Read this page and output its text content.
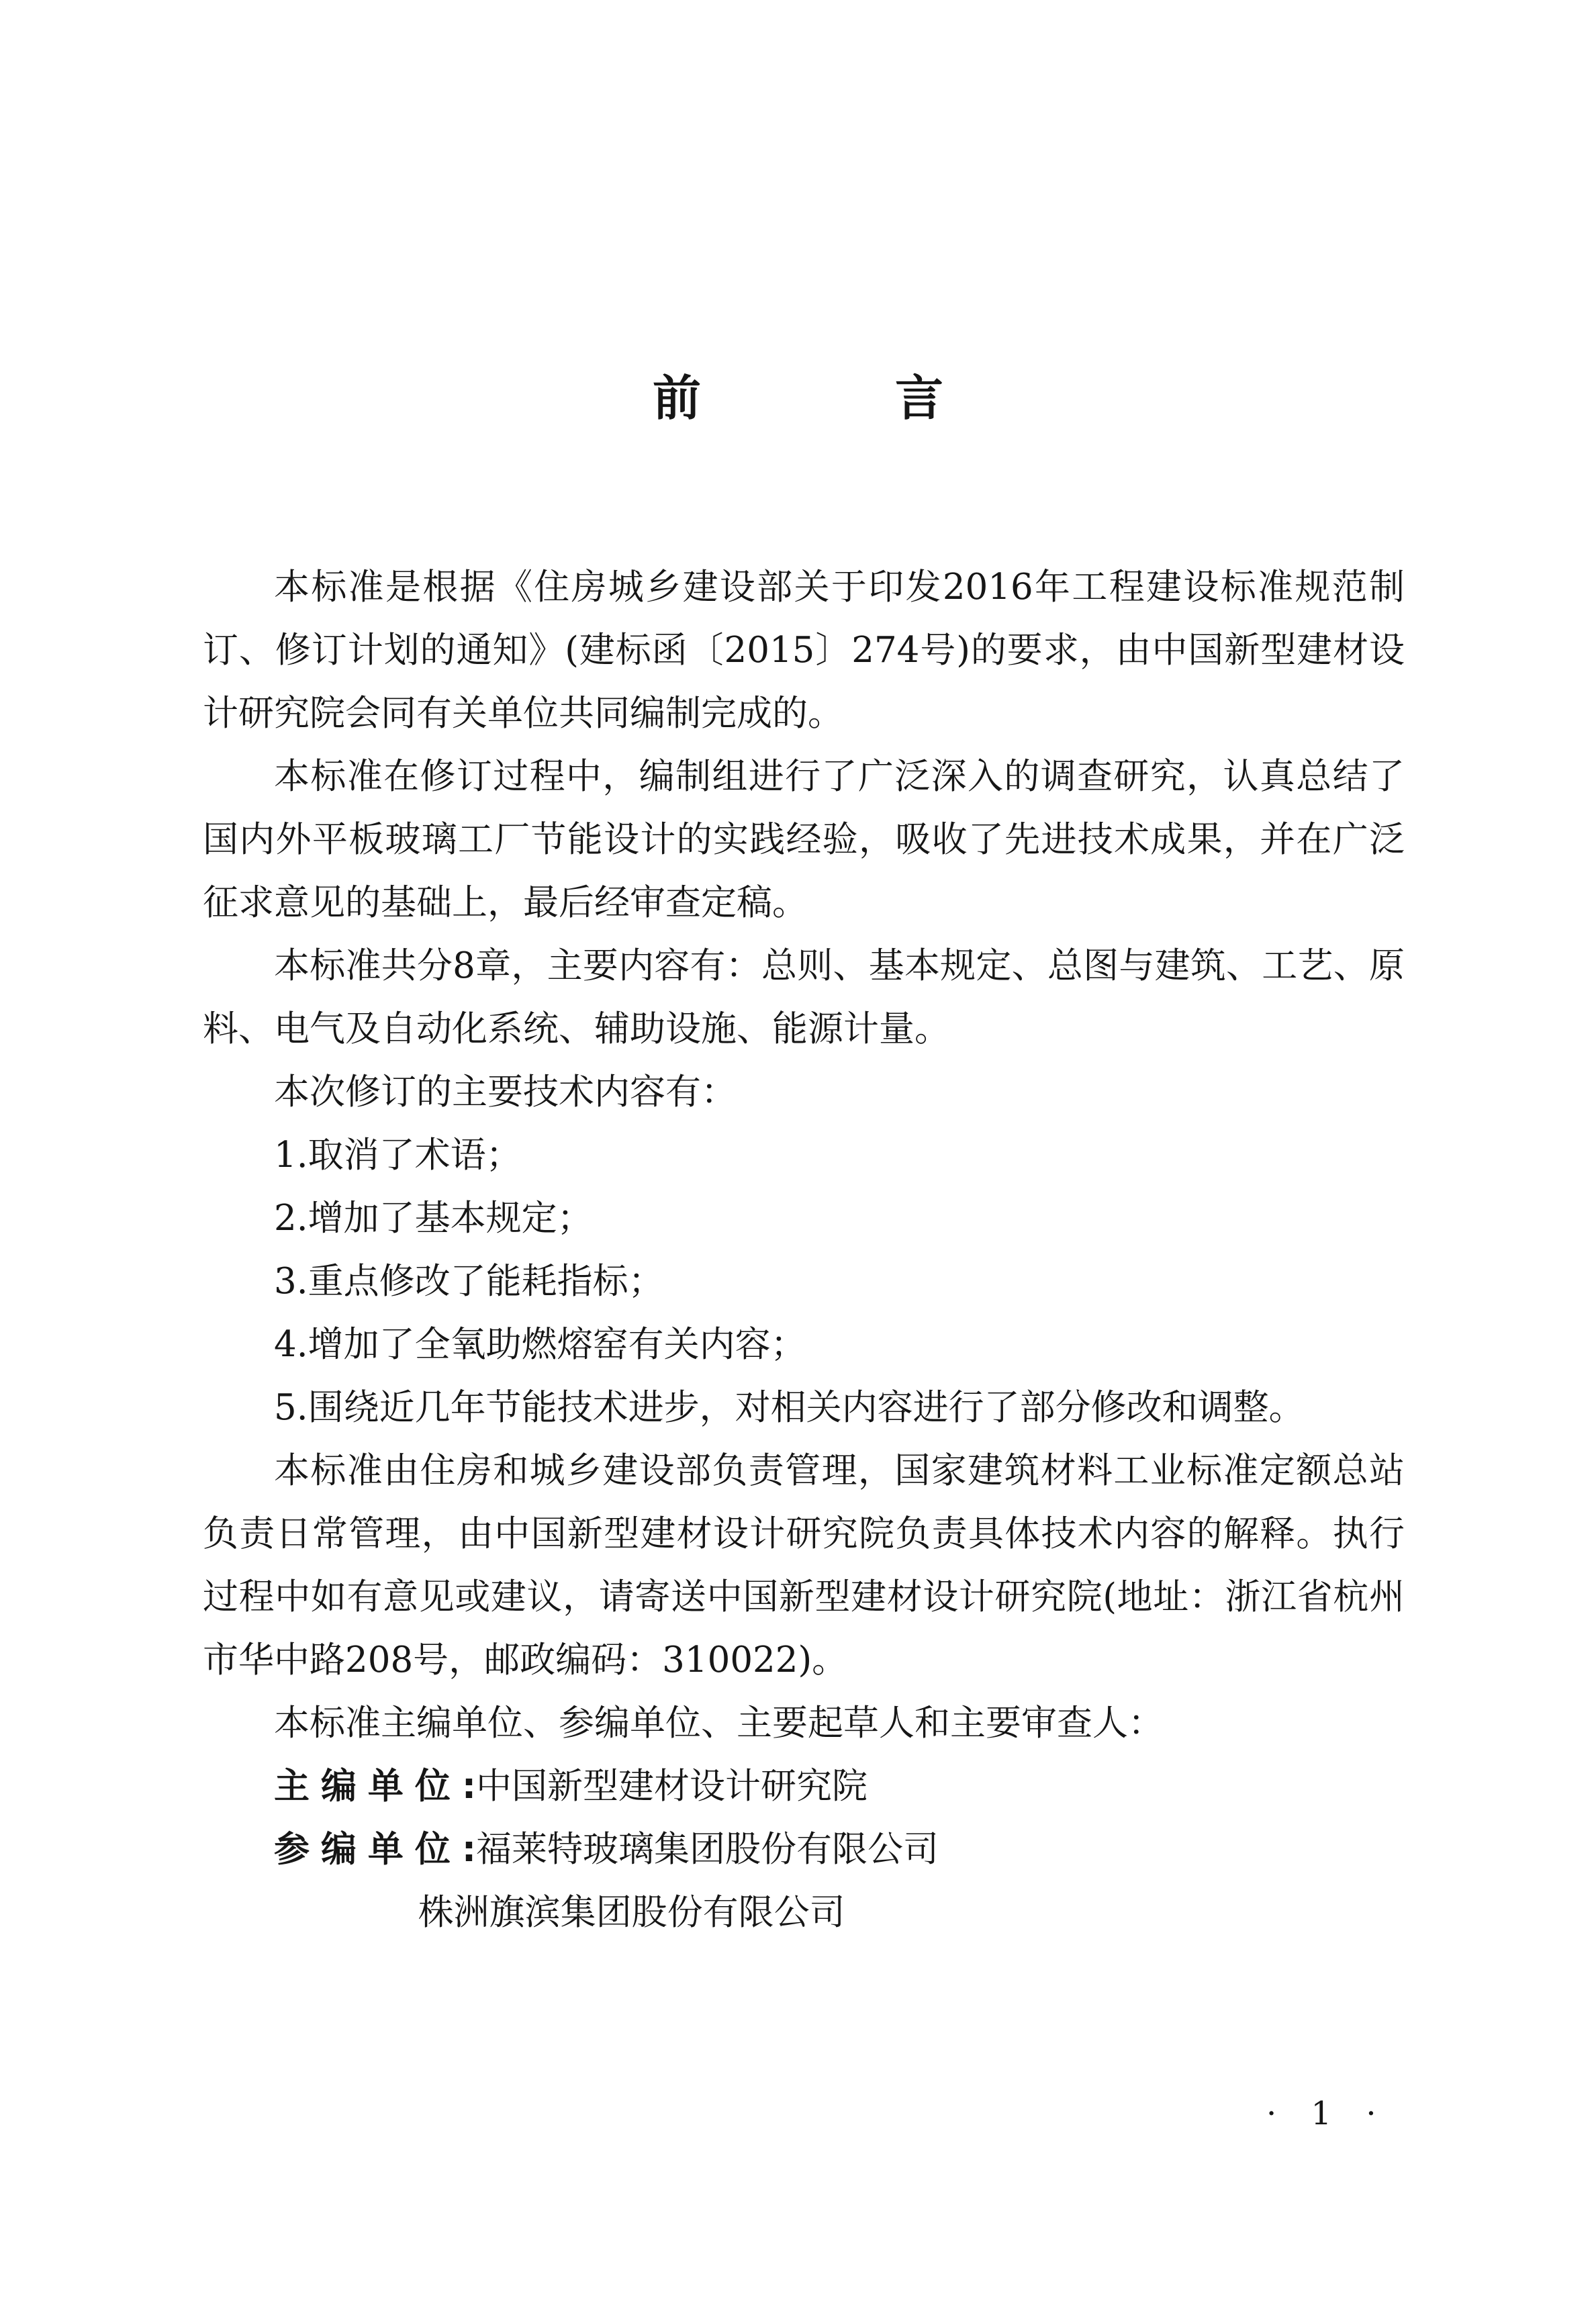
前 言

本标准是根据《住房城乡建设部关于印发2016年工程建设标准规范制订、修订计划的通知》(建标函〔2015〕274号)的要求，由中国新型建材设计研究院会同有关单位共同编制完成的。

本标准在修订过程中，编制组进行了广泛深入的调查研究，认真总结了国内外平板玻璃工厂节能设计的实践经验，吸收了先进技术成果，并在广泛征求意见的基础上，最后经审查定稿。

本标准共分8章，主要内容有：总则、基本规定、总图与建筑、工艺、原料、电气及自动化系统、辅助设施、能源计量。

本次修订的主要技术内容有：

1.取消了术语；

2.增加了基本规定；

3.重点修改了能耗指标；

4.增加了全氧助燃熔窑有关内容；

5.围绕近几年节能技术进步，对相关内容进行了部分修改和调整。

本标准由住房和城乡建设部负责管理，国家建筑材料工业标准定额总站负责日常管理，由中国新型建材设计研究院负责具体技术内容的解释。执行过程中如有意见或建议，请寄送中国新型建材设计研究院(地址：浙江省杭州市华中路208号，邮政编码：310022)。

本标准主编单位、参编单位、主要起草人和主要审查人：

主编单位:中国新型建材设计研究院
参编单位:福莱特玻璃集团股份有限公司
株洲旗滨集团股份有限公司
· 1 ·
